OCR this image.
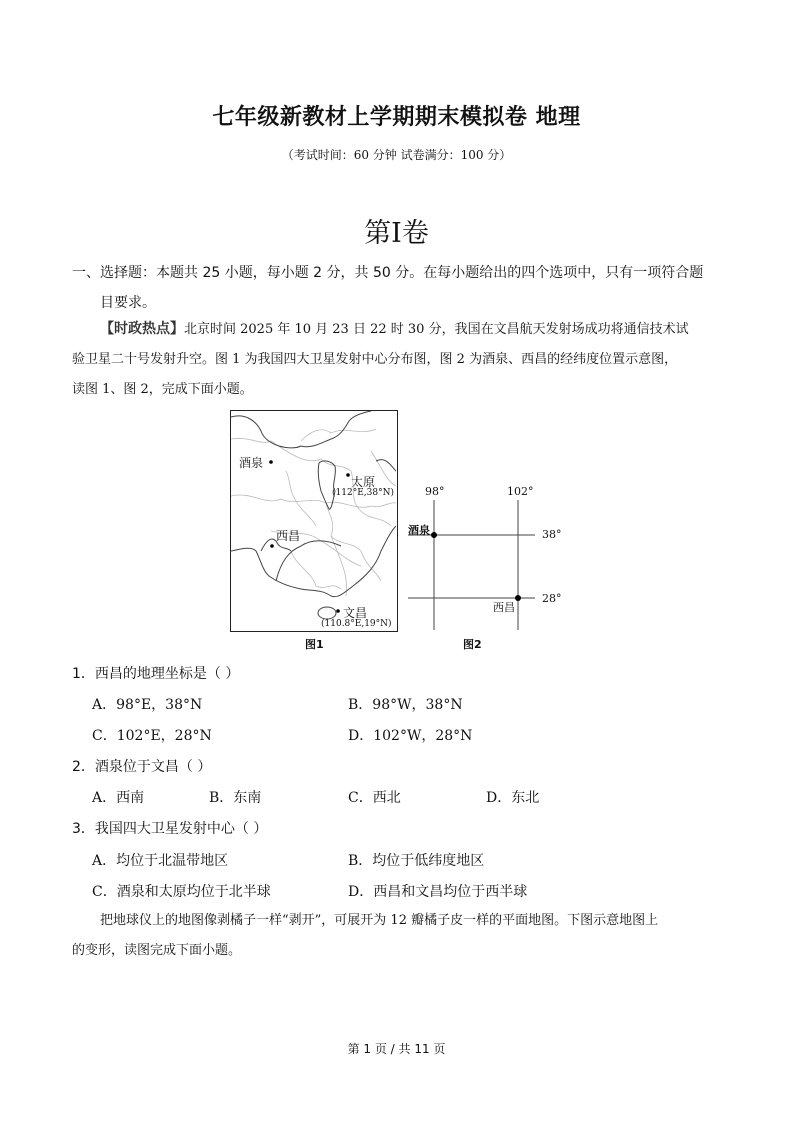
七年级新教材上学期期末模拟卷 地理
（考试时间：60 分钟 试卷满分：100 分）
第Ⅰ卷
一、选择题：本题共 25 小题，每小题 2 分，共 50 分。在每小题给出的四个选项中，只有一项符合题
目要求。
【时政热点】北京时间 2025 年 10 月 23 日 22 时 30 分，我国在文昌航天发射场成功将通信技术试
验卫星二十号发射升空。图 1 为我国四大卫星发射中心分布图，图 2 为酒泉、西昌的经纬度位置示意图，
读图 1、图 2，完成下面小题。
酒泉
太原
(112°E,38°N)
西昌
文昌
(110.8°E,19°N)
图1
98°	102°
38°
28°
酒泉
西昌
图2
1．西昌的地理坐标是（ ）
A．98°E，38°N	B．98°W，38°N
C．102°E，28°N	D．102°W，28°N
2．酒泉位于文昌（ ）
A．西南	B．东南	C．西北	D．东北
3．我国四大卫星发射中心（ ）
A．均位于北温带地区	B．均位于低纬度地区
C．酒泉和太原均位于北半球	D．西昌和文昌均位于西半球
把地球仪上的地图像剥橘子一样“剥开”，可展开为 12 瓣橘子皮一样的平面地图。下图示意地图上
的变形，读图完成下面小题。
第 1 页 / 共 11 页
